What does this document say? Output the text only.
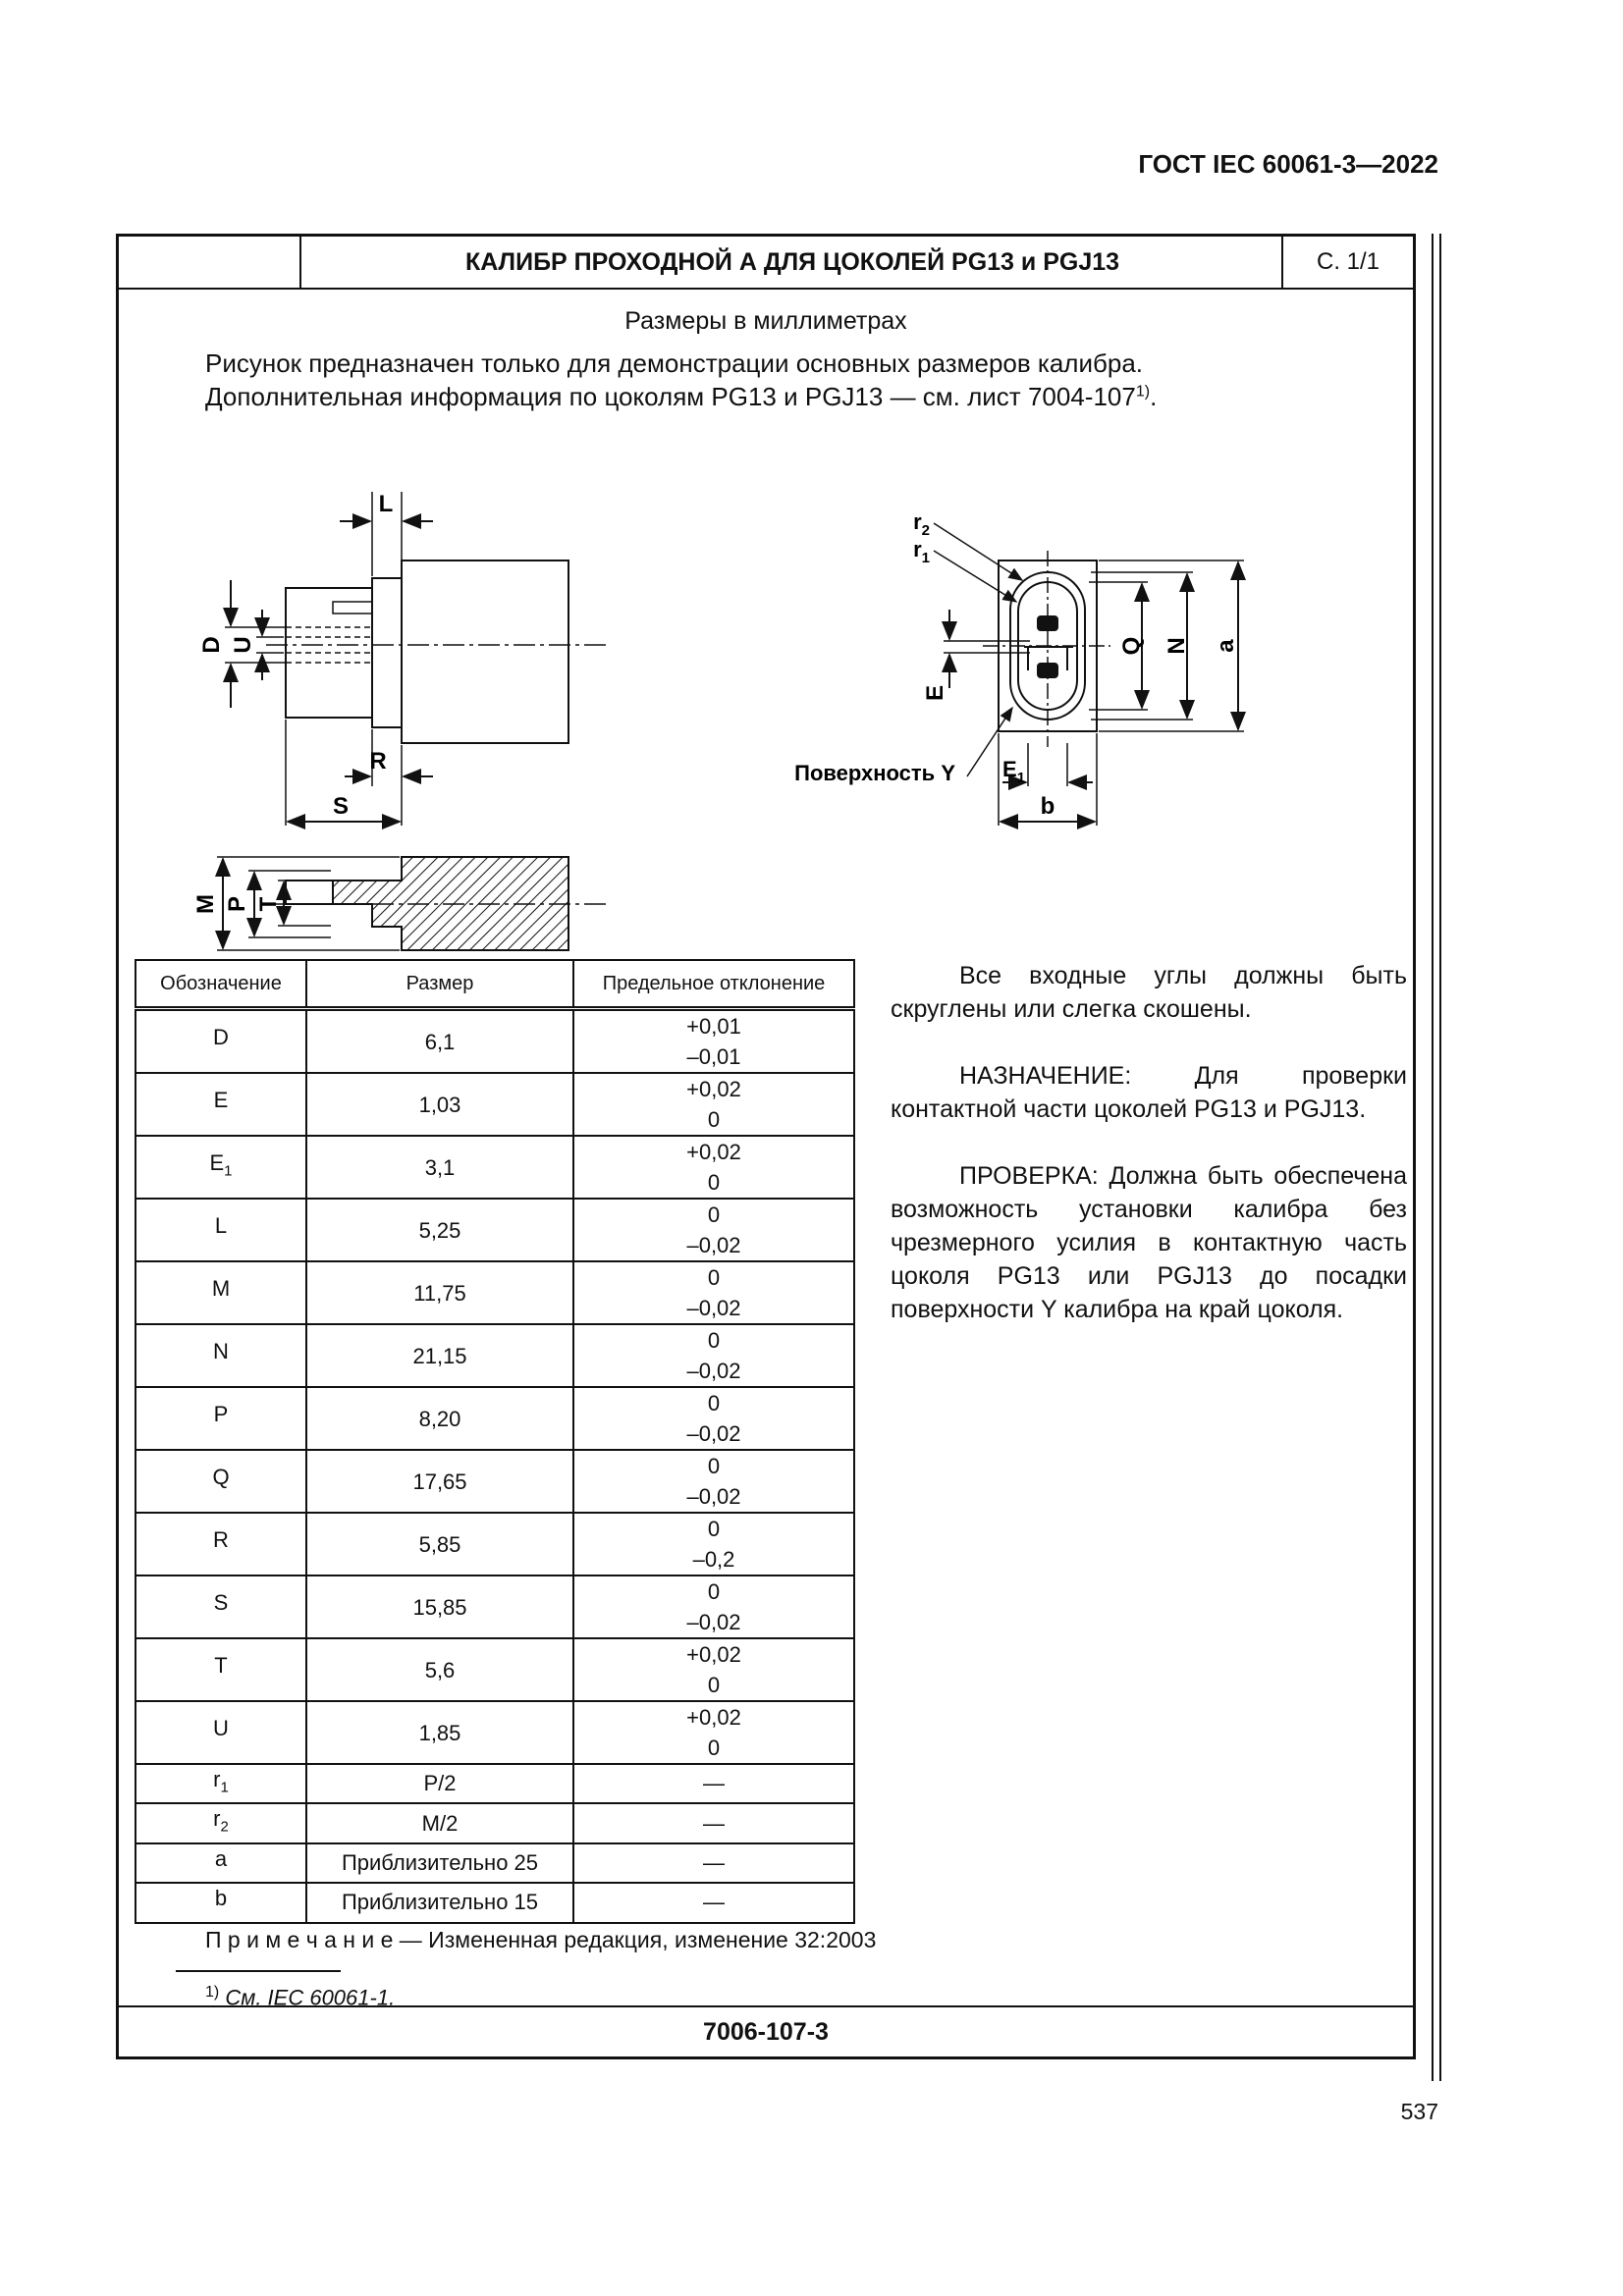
ГОСТ IEC 60061-3—2022
КАЛИБР ПРОХОДНОЙ А ДЛЯ ЦОКОЛЕЙ PG13 и PGJ13	С. 1/1
Размеры в миллиметрах
Рисунок предназначен только для демонстрации основных размеров калибра.
Дополнительная информация по цоколям PG13 и PGJ13 — см. лист 7004-107$^{1)}$.
L
D U
R
S
$r_2$
$r_1$
Q N a
E
Поверхность Y $E_1$
b
M P T
Обозначение	Размер	Предельное отклонение
D	6,1	+0,01
–0,01

E	1,03	+0,02
0

$E_1$	3,1	+0,02
0

L	5,25	0
–0,02

M	11,75	0
–0,02

N	21,15	0
–0,02

P	8,20	0
–0,02

Q	17,65	0
–0,02

R	5,85	0
–0,2

S	15,85	0
–0,02

T	5,6	+0,02
0

U	1,85	+0,02
0

$r_1$	P/2	—
$r_2$	M/2	—
a	Приблизительно 25	—
b	Приблизительно 15	—
Все входные углы должны быть скруглены или слегка скошены.
НАЗНАЧЕНИЕ: Для проверки контактной части цоколей PG13 и PGJ13.
ПРОВЕРКА: Должна быть обеспечена возможность установки калибра без чрезмерного усилия в контактную часть цоколя PG13 или PGJ13 до посадки поверхности Y калибра на край цоколя.
П р и м е ч а н и е — Измененная редакция, изменение 32:2003
$^{1)}$ См. IEC 60061-1.
7006-107-3
537
